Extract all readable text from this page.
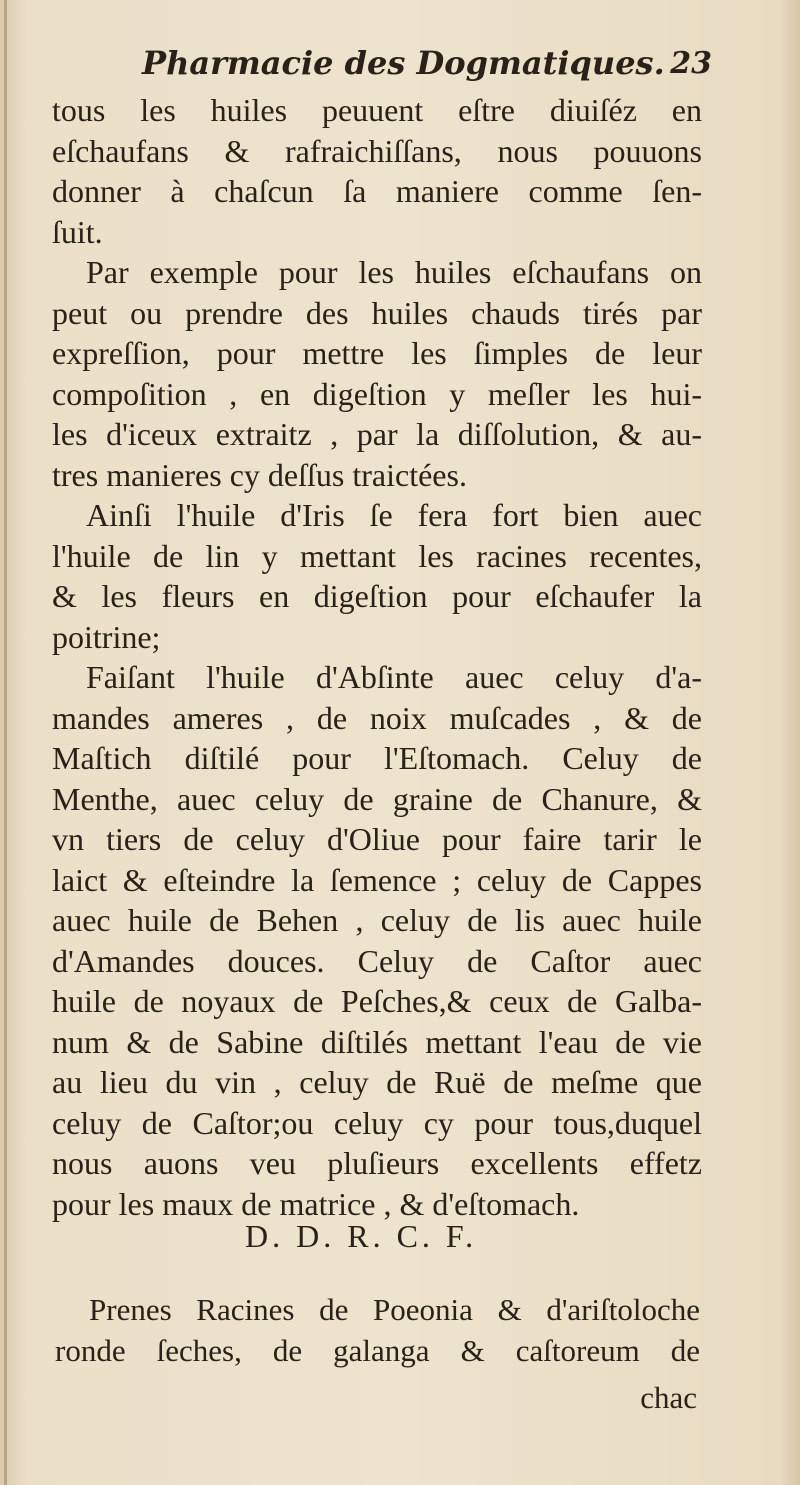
Pharmacie des Dogmatiques. 23
tous les huiles peuuent eſtre diuiſéz en
eſchaufans & rafraichiſſans, nous pouuons
donner à chaſcun ſa maniere comme ſen-
ſuit.
Par exemple pour les huiles eſchaufans on
peut ou prendre des huiles chauds tirés par
expreſſion, pour mettre les ſimples de leur
compoſition , en digeſtion y meſler les hui-
les d'iceux extraitz , par la diſſolution, & au-
tres manieres cy deſſus traictées.
Ainſi l'huile d'Iris ſe fera fort bien auec
l'huile de lin y mettant les racines recentes,
& les fleurs en digeſtion pour eſchaufer la
poitrine;
Faiſant l'huile d'Abſinte auec celuy d'a-
mandes ameres , de noix muſcades , & de
Maſtich diſtilé pour l'Eſtomach. Celuy de
Menthe, auec celuy de graine de Chanure, &
vn tiers de celuy d'Oliue pour faire tarir le
laict & eſteindre la ſemence ; celuy de Cappes
auec huile de Behen , celuy de lis auec huile
d'Amandes douces. Celuy de Caſtor auec
huile de noyaux de Peſches,& ceux de Galba-
num & de Sabine diſtilés mettant l'eau de vie
au lieu du vin , celuy de Ruë de meſme que
celuy de Caſtor;ou celuy cy pour tous,duquel
nous auons veu pluſieurs excellents effetz
pour les maux de matrice , & d'eſtomach.
D. D. R. C. F.
Prenes Racines de Poeonia & d'ariſtoloche
ronde ſeches, de galanga & caſtoreum de
chac
